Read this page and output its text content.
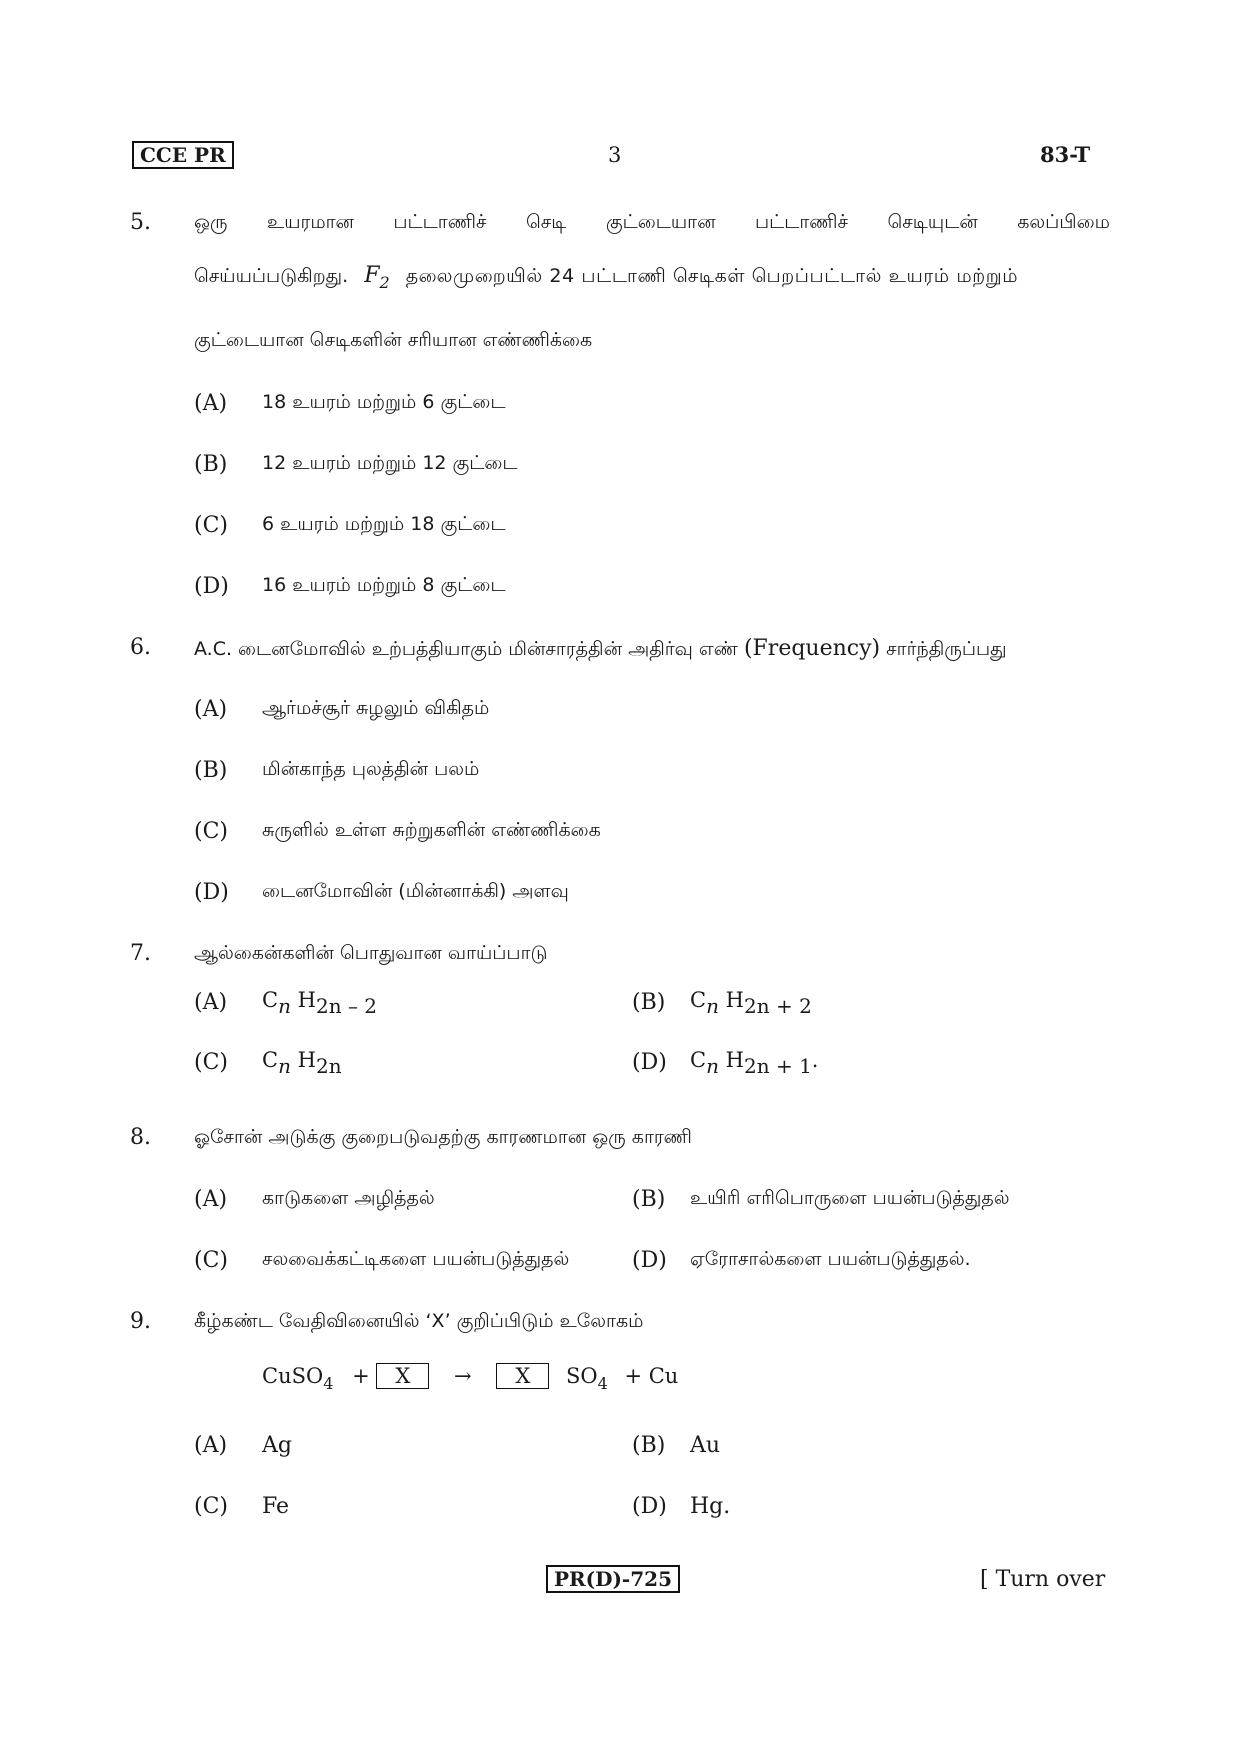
CCE PR	3	83-T
5. ஒரு உயரமான பட்டாணிச் செடி குட்டையான பட்டாணிச் செடியுடன் கலப்பிமை
செய்யப்படுகிறது. $F_2$ தலைமுறையில் 24 பட்டாணி செடிகள் பெறப்பட்டால் உயரம் மற்றும்
குட்டையான செடிகளின் சரியான எண்ணிக்கை
(A) 18 உயரம் மற்றும் 6 குட்டை
(B) 12 உயரம் மற்றும் 12 குட்டை
(C) 6 உயரம் மற்றும் 18 குட்டை
(D) 16 உயரம் மற்றும் 8 குட்டை
6. A.C. டைனமோவில் உற்பத்தியாகும் மின்சாரத்தின் அதிர்வு எண் (Frequency) சார்ந்திருப்பது
(A) ஆர்மச்சூர் சுழலும் விகிதம்
(B) மின்காந்த புலத்தின் பலம்
(C) சுருளில் உள்ள சுற்றுகளின் எண்ணிக்கை
(D) டைனமோவின் (மின்னாக்கி) அளவு
7. ஆல்கைன்களின் பொதுவான வாய்ப்பாடு
(A) $C_n$ $H_{2n - 2}$	(B) $C_n$ $H_{2n + 2}$
(C) $C_n$ $H_{2n}$	(D) $C_n$ $H_{2n + 1}$.
8. ஓசோன் அடுக்கு குறைபடுவதற்கு காரணமான ஒரு காரணி
(A) காடுகளை அழித்தல்	(B) உயிரி எரிபொருளை பயன்படுத்துதல்
(C) சலவைக்கட்டிகளை பயன்படுத்துதல்	(D) ஏரோசால்களை பயன்படுத்துதல்.
9. கீழ்கண்ட வேதிவினையில் ‘X’ குறிப்பிடும் உலோகம்
CuSO$_4$ + X → X $SO_4 + Cu$
(A) Ag	(B) Au
(C) Fe	(D) Hg.
PR(D)-725	[ Turn over
